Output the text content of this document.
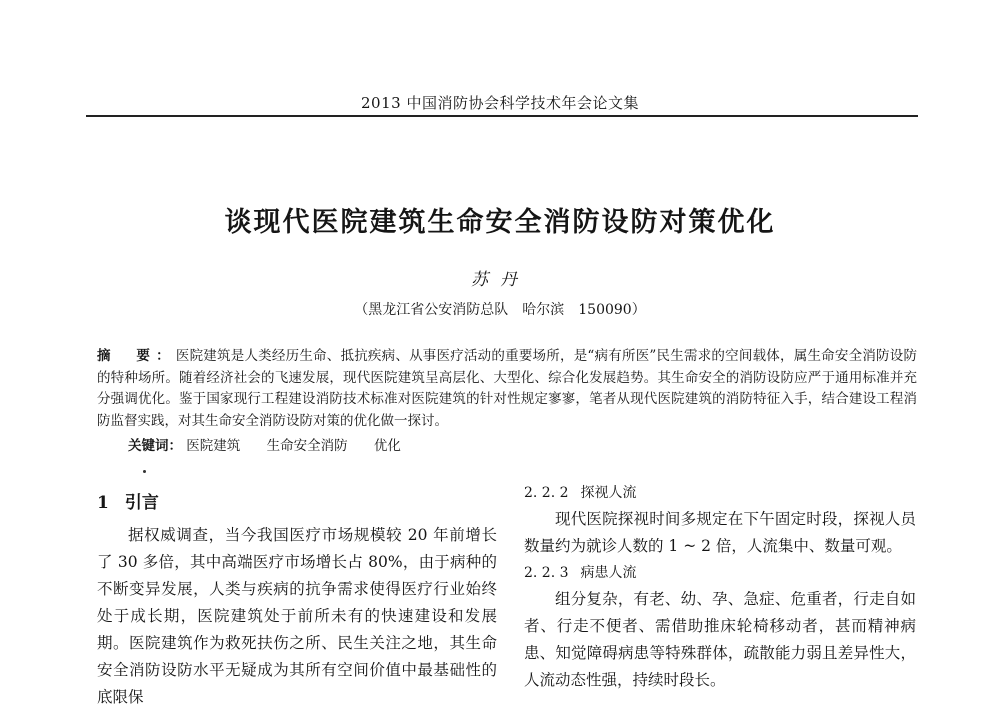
2013 中国消防协会科学技术年会论文集
谈现代医院建筑生命安全消防设防对策优化
苏丹
（黑龙江省公安消防总队　哈尔滨　150090）
摘　要：医院建筑是人类经历生命、抵抗疾病、从事医疗活动的重要场所，是“病有所医”民生需求的空间载体，属生命安全消防设防的特种场所。随着经济社会的飞速发展，现代医院建筑呈高层化、大型化、综合化发展趋势。其生命安全的消防设防应严于通用标准并充分强调优化。鉴于国家现行工程建设消防技术标准对医院建筑的针对性规定寥寥，笔者从现代医院建筑的消防特征入手，结合建设工程消防监督实践，对其生命安全消防设防对策的优化做一探讨。
关键词： 医院建筑 生命安全消防 优化
1 引言

据权威调查，当今我国医疗市场规模较 20 年前增长了 30 多倍，其中高端医疗市场增长占 80%，由于病种的不断变异发展，人类与疾病的抗争需求使得医疗行业始终处于成长期，医院建筑处于前所未有的快速建设和发展期。医院建筑作为救死扶伤之所、民生关注之地，其生命安全消防设防水平无疑成为其所有空间价值中最基础性的底限保

2. 2. 2 探视人流

现代医院探视时间多规定在下午固定时段，探视人员数量约为就诊人数的 1 ~ 2 倍，人流集中、数量可观。

2. 2. 3 病患人流

组分复杂，有老、幼、孕、急症、危重者，行走自如者、行走不便者、需借助推床轮椅移动者，甚而精神病患、知觉障碍病患等特殊群体，疏散能力弱且差异性大，人流动态性强，持续时段长。
